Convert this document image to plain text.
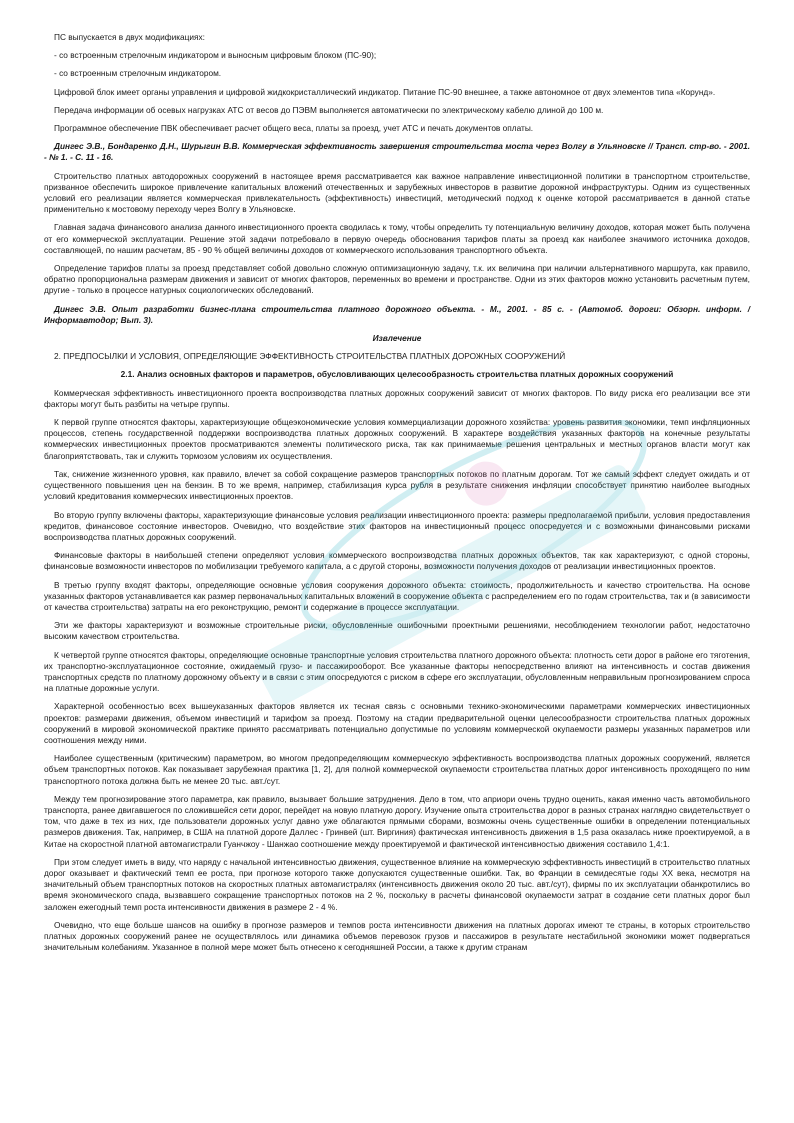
ПС выпускается в двух модификациях:

- со встроенным стрелочным индикатором и выносным цифровым блоком (ПС-90);

- со встроенным стрелочным индикатором.

Цифровой блок имеет органы управления и цифровой жидкокристаллический индикатор. Питание ПС-90 внешнее, а также автономное от двух элементов типа «Корунд».

Передача информации об осевых нагрузках АТС от весов до ПЭВМ выполняется автоматически по электрическому кабелю длиной до 100 м.

Программное обеспечение ПВК обеспечивает расчет общего веса, платы за проезд, учет АТС и печать документов оплаты.

Дингес Э.В., Бондаренко Д.Н., Шурыгин В.В. Коммерческая эффективность завершения строительства моста через Волгу в Ульяновске // Трансп. стр-во. - 2001. - № 1. - С. 11 - 16.

Строительство платных автодорожных сооружений в настоящее время рассматривается как важное направление инвестиционной политики в транспортном строительстве, призванное обеспечить широкое привлечение капитальных вложений отечественных и зарубежных инвесторов в развитие дорожной инфраструктуры. Одним из существенных условий его реализации является коммерческая привлекательность (эффективность) инвестиций, методический подход к оценке которой рассматривается в данной статье применительно к мостовому переходу через Волгу в Ульяновске.

Главная задача финансового анализа данного инвестиционного проекта сводилась к тому, чтобы определить ту потенциальную величину доходов, которая может быть получена от его коммерческой эксплуатации. Решение этой задачи потребовало в первую очередь обоснования тарифов платы за проезд как наиболее значимого источника доходов, составляющей, по нашим расчетам, 85 - 90 % общей величины доходов от коммерческого использования транспортного объекта.

Определение тарифов платы за проезд представляет собой довольно сложную оптимизационную задачу, т.к. их величина при наличии альтернативного маршрута, как правило, обратно пропорциональна размерам движения и зависит от многих факторов, переменных во времени и пространстве. Одни из этих факторов можно установить расчетным путем, другие - только в процессе натурных социологических обследований.

Дингес Э.В. Опыт разработки бизнес-плана строительства платного дорожного объекта. - М., 2001. - 85 с. - (Автомоб. дороги: Обзорн. информ. / Информавтодор; Вып. 3).

Извлечение

2. ПРЕДПОСЫЛКИ И УСЛОВИЯ, ОПРЕДЕЛЯЮЩИЕ ЭФФЕКТИВНОСТЬ СТРОИТЕЛЬСТВА ПЛАТНЫХ ДОРОЖНЫХ СООРУЖЕНИЙ

2.1. Анализ основных факторов и параметров, обусловливающих целесообразность строительства платных дорожных сооружений

Коммерческая эффективность инвестиционного проекта воспроизводства платных дорожных сооружений зависит от многих факторов. По виду риска его реализации все эти факторы могут быть разбиты на четыре группы.

К первой группе относятся факторы, характеризующие общеэкономические условия коммерциализации дорожного хозяйства: уровень развития экономики, темп инфляционных процессов, степень государственной поддержки воспроизводства платных дорожных сооружений. В характере воздействия указанных факторов на конечные результаты коммерческих инвестиционных проектов просматриваются элементы политического риска, так как принимаемые решения центральных и местных органов власти могут как благоприятствовать, так и служить тормозом условиям их осуществления.

Так, снижение жизненного уровня, как правило, влечет за собой сокращение размеров транспортных потоков по платным дорогам. Тот же самый эффект следует ожидать и от существенного повышения цен на бензин. В то же время, например, стабилизация курса рубля в результате снижения инфляции способствует принятию наиболее выгодных условий кредитования коммерческих инвестиционных проектов.

Во вторую группу включены факторы, характеризующие финансовые условия реализации инвестиционного проекта: размеры предполагаемой прибыли, условия предоставления кредитов, финансовое состояние инвесторов. Очевидно, что воздействие этих факторов на инвестиционный процесс опосредуется и с возможными финансовыми рисками воспроизводства платных дорожных сооружений.

Финансовые факторы в наибольшей степени определяют условия коммерческого воспроизводства платных дорожных объектов, так как характеризуют, с одной стороны, финансовые возможности инвесторов по мобилизации требуемого капитала, а с другой стороны, возможности получения доходов от реализации инвестиционных проектов.

В третью группу входят факторы, определяющие основные условия сооружения дорожного объекта: стоимость, продолжительность и качество строительства. На основе указанных факторов устанавливается как размер первоначальных капитальных вложений в сооружение объекта с распределением его по годам строительства, так и (в зависимости от качества строительства) затраты на его реконструкцию, ремонт и содержание в процессе эксплуатации.

Эти же факторы характеризуют и возможные строительные риски, обусловленные ошибочными проектными решениями, несоблюдением технологии работ, недостаточно высоким качеством строительства.

К четвертой группе относятся факторы, определяющие основные транспортные условия строительства платного дорожного объекта: плотность сети дорог в районе его тяготения, их транспортно-эксплуатационное состояние, ожидаемый грузо- и пассажирооборот. Все указанные факторы непосредственно влияют на интенсивность и состав движения транспортных средств по платному дорожному объекту и в связи с этим опосредуются с риском в сфере его эксплуатации, обусловленным неправильным прогнозированием спроса на платные дорожные услуги.

Характерной особенностью всех вышеуказанных факторов является их тесная связь с основными технико-экономическими параметрами коммерческих инвестиционных проектов: размерами движения, объемом инвестиций и тарифом за проезд. Поэтому на стадии предварительной оценки целесообразности строительства платных дорожных сооружений в мировой экономической практике принято рассматривать потенциально допустимые по условиям коммерческой окупаемости размеры указанных параметров или соотношения между ними.

Наиболее существенным (критическим) параметром, во многом предопределяющим коммерческую эффективность воспроизводства платных дорожных сооружений, является объем транспортных потоков. Как показывает зарубежная практика [1, 2], для полной коммерческой окупаемости строительства платных дорог интенсивность проходящего по ним транспортного потока должна быть не менее 20 тыс. авт./сут.

Между тем прогнозирование этого параметра, как правило, вызывает большие затруднения. Дело в том, что априори очень трудно оценить, какая именно часть автомобильного транспорта, ранее двигавшегося по сложившейся сети дорог, перейдет на новую платную дорогу. Изучение опыта строительства дорог в разных странах наглядно свидетельствует о том, что даже в тех из них, где пользователи дорожных услуг давно уже облагаются прямыми сборами, возможны очень существенные ошибки в определении потенциальных размеров движения. Так, например, в США на платной дороге Даллес - Гринвей (шт. Виргиния) фактическая интенсивность движения в 1,5 раза оказалась ниже проектируемой, а в Китае на скоростной платной автомагистрали Гуанчжоу - Шанжао соотношение между проектируемой и фактической интенсивностью движения составило 1,4:1.

При этом следует иметь в виду, что наряду с начальной интенсивностью движения, существенное влияние на коммерческую эффективность инвестиций в строительство платных дорог оказывает и фактический темп ее роста, при прогнозе которого также допускаются существенные ошибки. Так, во Франции в семидесятые годы XX века, несмотря на значительный объем транспортных потоков на скоростных платных автомагистралях (интенсивность движения около 20 тыс. авт./сут), фирмы по их эксплуатации обанкротились во время экономического спада, вызвавшего сокращение транспортных потоков на 2 %, поскольку в расчеты финансовой окупаемости затрат в создание сети платных дорог был заложен ежегодный темп роста интенсивности движения в размере 2 - 4 %.

Очевидно, что еще больше шансов на ошибку в прогнозе размеров и темпов роста интенсивности движения на платных дорогах имеют те страны, в которых строительство платных дорожных сооружений ранее не осуществлялось или динамика объемов перевозок грузов и пассажиров в результате нестабильной экономики может подвергаться значительным колебаниям. Указанное в полной мере может быть отнесено к сегодняшней России, а также к другим странам
